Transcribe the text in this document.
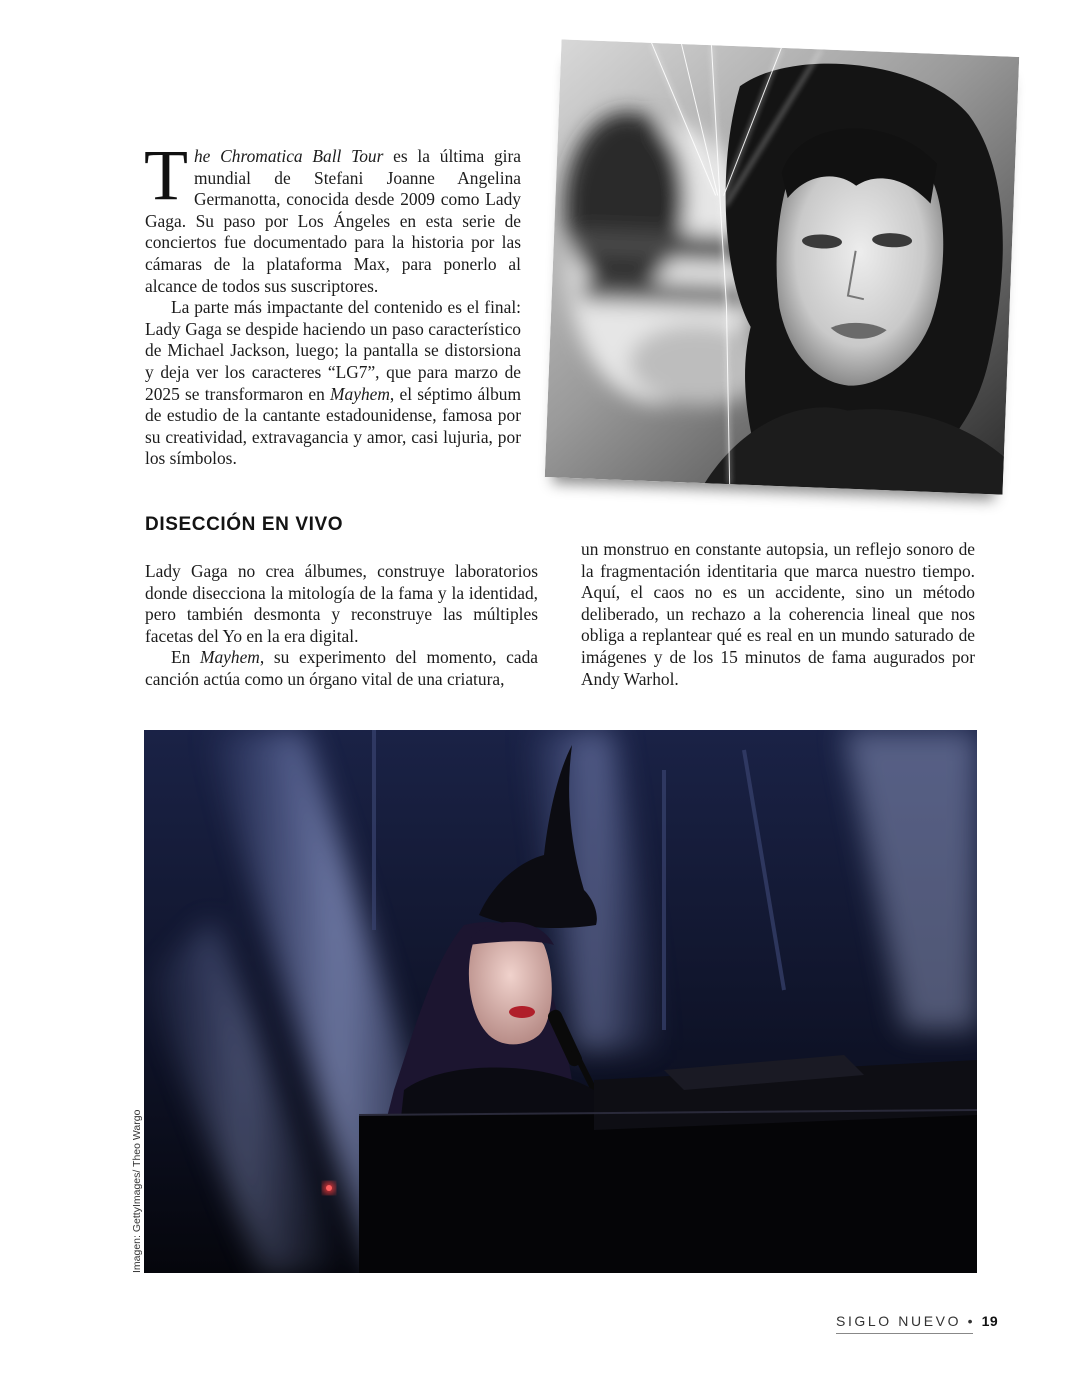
The Chromatica Ball Tour es la última gira mundial de Stefani Joanne Angelina Germanotta, conocida desde 2009 como Lady Gaga. Su paso por Los Ángeles en esta serie de conciertos fue documentado para la historia por las cámaras de la plataforma Max, para ponerlo al alcance de todos sus suscriptores.

La parte más impactante del contenido es el final: Lady Gaga se despide haciendo un paso característico de Michael Jackson, luego; la pantalla se distorsiona y deja ver los caracteres “LG7”, que para marzo de 2025 se transformaron en Mayhem, el séptimo álbum de estudio de la cantante estadounidense, famosa por su creatividad, extravagancia y amor, casi lujuria, por los símbolos.

DISECCIÓN EN VIVO

Lady Gaga no crea álbumes, construye laboratorios donde disecciona la mitología de la fama y la identidad, pero también desmonta y reconstruye las múltiples facetas del Yo en la era digital.

En Mayhem, su experimento del momento, cada canción actúa como un órgano vital de una criatura,

un monstruo en constante autopsia, un reflejo sonoro de la fragmentación identitaria que marca nuestro tiempo. Aquí, el caos no es un accidente, sino un método deliberado, un rechazo a la coherencia lineal que nos obliga a replantear qué es real en un mundo saturado de imágenes y de los 15 minutos de fama augurados por Andy Warhol.

Imagen: GettyImages/ Theo Wargo
SIGLO NUEVO • 19
